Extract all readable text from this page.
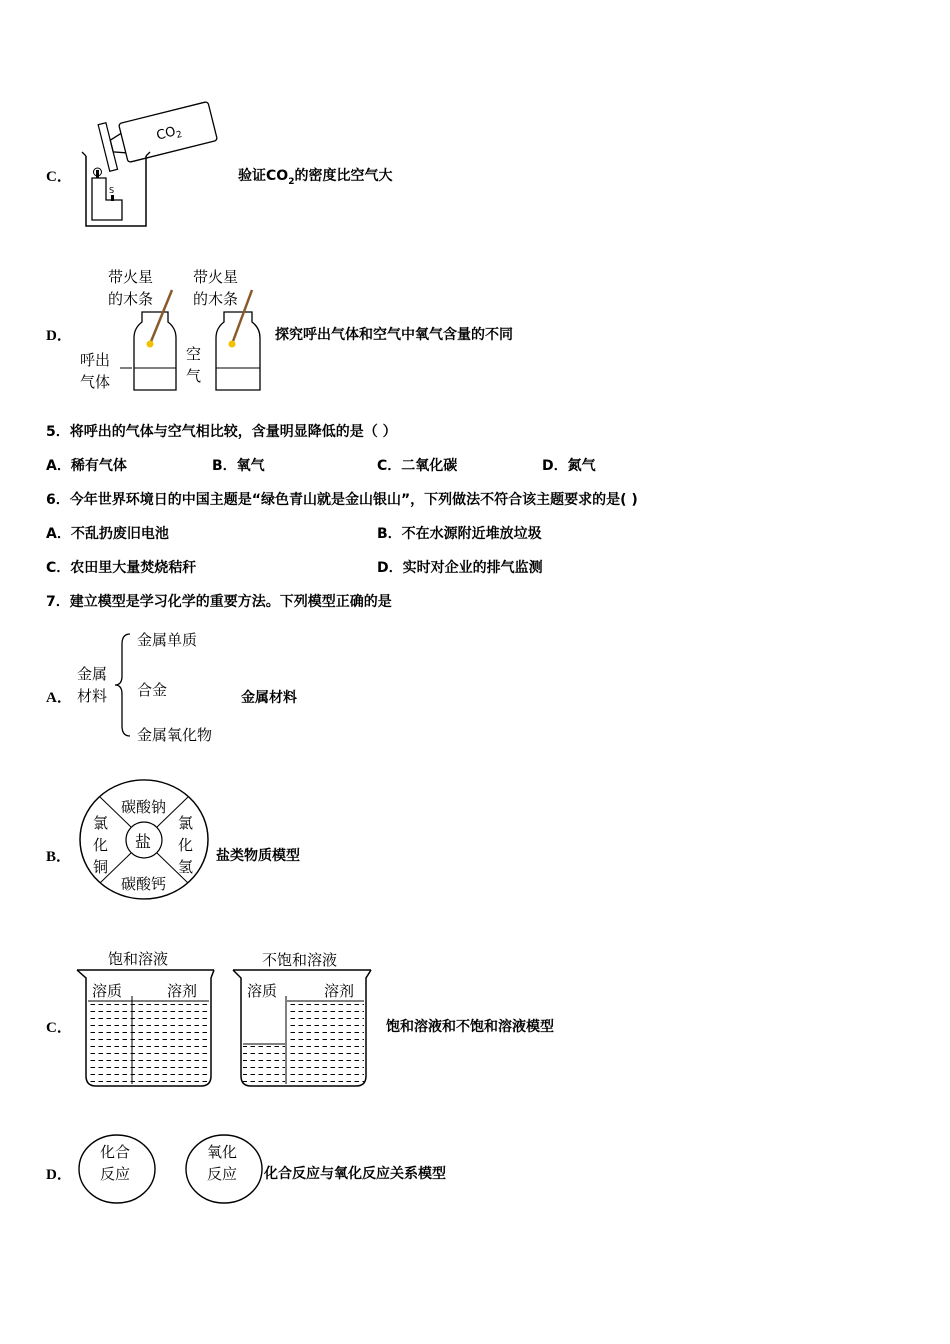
C．
$CO_2$
S
验证$CO_2$的密度比空气大
D．
带火星
的木条
带火星
的木条
呼出
气体
空
气
探究呼出气体和空气中氧气含量的不同
5．将呼出的气体与空气相比较，含量明显降低的是（ ）
A．稀有气体	B．氧气	C．二氧化碳	D．氮气
6．今年世界环境日的中国主题是“绿色青山就是金山银山”，下列做法不符合该主题要求的是( )
A．不乱扔废旧电池	B．不在水源附近堆放垃圾
C．农田里大量焚烧秸秆	D．实时对企业的排气监测
7．建立模型是学习化学的重要方法。下列模型正确的是
A．
金属
材料
金属单质
合金
金属氧化物
金属材料
B．
盐
碳酸钠
碳酸钙
氯
化
铜
氯
化
氢
盐类物质模型
C．
饱和溶液	不饱和溶液
溶质	溶剂	溶质	溶剂
饱和溶液和不饱和溶液模型
D．
化合
反应
氧化
反应 化合反应与氧化反应关系模型
